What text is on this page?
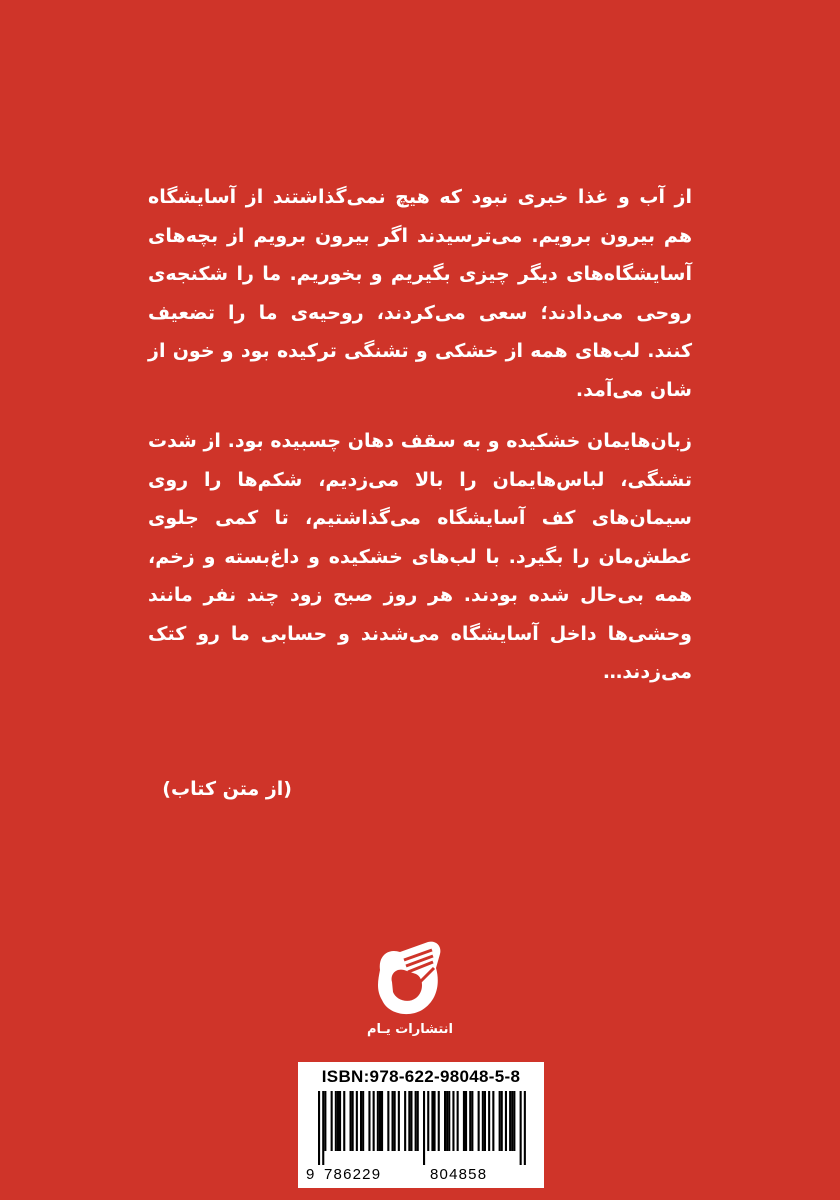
از آب و غذا خبری نبود که هیچ نمی‌گذاشتند از آسایشگاه هم بیرون برویم. می‌ترسیدند اگر بیرون برویم از بچه‌های آسایشگاه‌های دیگر چیزی بگیریم و بخوریم. ما را شکنجه‌ی روحی می‌دادند؛ سعی می‌کردند، روحیه‌ی ما را تضعیف کنند. لب‌های همه از خشکی و تشنگی ترکیده بود و خون از شان می‌آمد.

زبان‌هایمان خشکیده و به سقف دهان چسبیده بود. از شدت تشنگی، لباس‌هایمان را بالا می‌زدیم، شکم‌ها را روی سیمان‌های کف آسایشگاه می‌گذاشتیم، تا کمی جلوی عطش‌مان را بگیرد. با لب‌های خشکیده و داغ‌بسته و زخم، همه بی‌حال شده بودند. هر روز صبح زود چند نفر مانند وحشی‌ها داخل آسایشگاه می‌شدند و حسابی ما رو کتک می‌زدند…

(از متن کتاب)
انتشارات یـام
ISBN:978-622-98048-5-8
9 786229	804858
